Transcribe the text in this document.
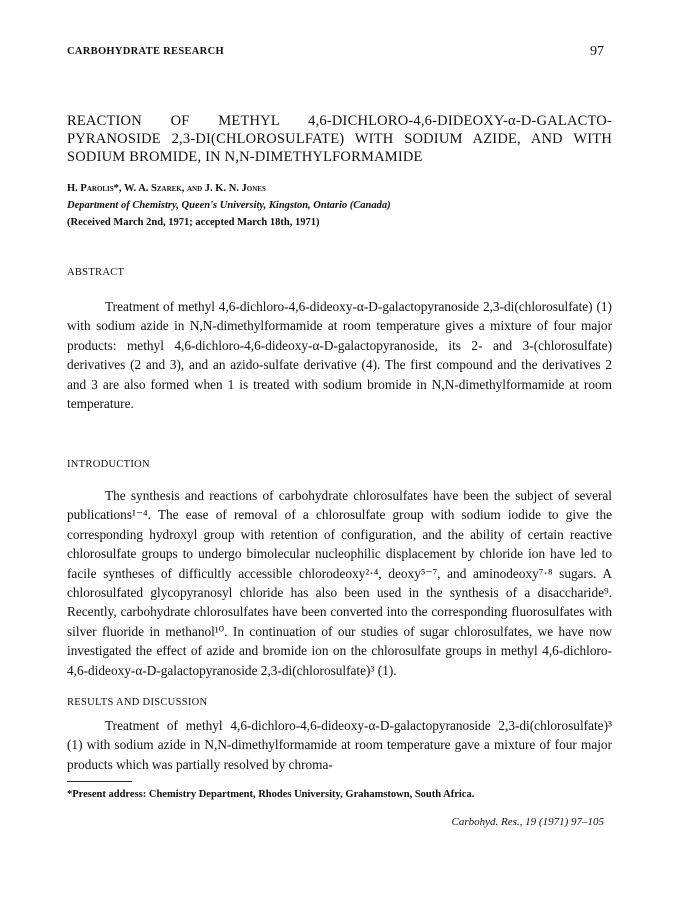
CARBOHYDRATE RESEARCH	97
REACTION OF METHYL 4,6-DICHLORO-4,6-DIDEOXY-α-D-GALACTO-PYRANOSIDE 2,3-DI(CHLOROSULFATE) WITH SODIUM AZIDE, AND WITH SODIUM BROMIDE, IN N,N-DIMETHYLFORMAMIDE
H. Parolis*, W. A. Szarek, and J. K. N. Jones
Department of Chemistry, Queen's University, Kingston, Ontario (Canada)
(Received March 2nd, 1971; accepted March 18th, 1971)
ABSTRACT

Treatment of methyl 4,6-dichloro-4,6-dideoxy-α-D-galactopyranoside 2,3-di(chlorosulfate) (1) with sodium azide in N,N-dimethylformamide at room temperature gives a mixture of four major products: methyl 4,6-dichloro-4,6-dideoxy-α-D-galactopyranoside, its 2- and 3-(chlorosulfate) derivatives (2 and 3), and an azido-sulfate derivative (4). The first compound and the derivatives 2 and 3 are also formed when 1 is treated with sodium bromide in N,N-dimethylformamide at room temperature.

INTRODUCTION

The synthesis and reactions of carbohydrate chlorosulfates have been the subject of several publications¹⁻⁴. The ease of removal of a chlorosulfate group with sodium iodide to give the corresponding hydroxyl group with retention of configuration, and the ability of certain reactive chlorosulfate groups to undergo bimolecular nucleophilic displacement by chloride ion have led to facile syntheses of difficultly accessible chlorodeoxy²·⁴, deoxy⁵⁻⁷, and aminodeoxy⁷·⁸ sugars. A chlorosulfated glycopyranosyl chloride has also been used in the synthesis of a disaccharide⁹. Recently, carbohydrate chlorosulfates have been converted into the corresponding fluorosulfates with silver fluoride in methanol¹⁰. In continuation of our studies of sugar chlorosulfates, we have now investigated the effect of azide and bromide ion on the chlorosulfate groups in methyl 4,6-dichloro-4,6-dideoxy-α-D-galactopyranoside 2,3-di(chlorosulfate)³ (1).

RESULTS AND DISCUSSION

Treatment of methyl 4,6-dichloro-4,6-dideoxy-α-D-galactopyranoside 2,3-di(chlorosulfate)³ (1) with sodium azide in N,N-dimethylformamide at room temperature gave a mixture of four major products which was partially resolved by chroma-

*Present address: Chemistry Department, Rhodes University, Grahamstown, South Africa.
Carbohyd. Res., 19 (1971) 97–105
